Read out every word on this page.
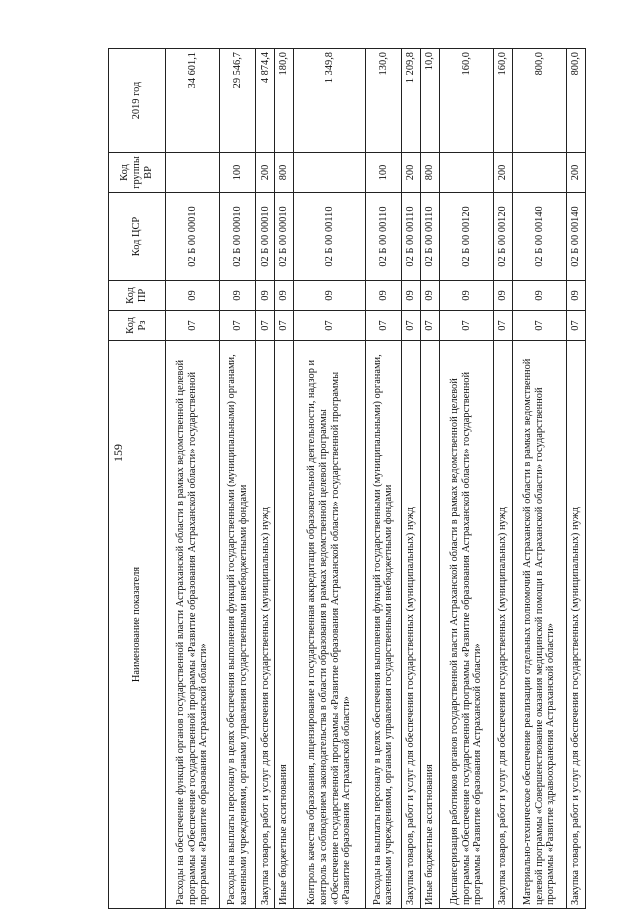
159
Наименование показателя	Код Рз	Код ПР	Код ЦСР	Код группы ВР	2019 год
Расходы на обеспечение функций органов государственной власти Астраханской области в рамках ведомственной целевой программы «Обеспечение государственной программы «Развитие образования Астраханской области» государственной программы «Развитие образования Астраханской области»	07	09	02 Б 00 00010		34 601,1
Расходы на выплаты персоналу в целях обеспечения выполнения функций государственными (муниципальными) органами, казенными учреждениями, органами управления государственными внебюджетными фондами	07	09	02 Б 00 00010	100	29 546,7
Закупка товаров, работ и услуг для обеспечения государственных (муниципальных) нужд	07	09	02 Б 00 00010	200	4 874,4
Иные бюджетные ассигнования	07	09	02 Б 00 00010	800	180,0
Контроль качества образования, лицензирование и государственная аккредитация образовательной деятельности, надзор и контроль за соблюдением законодательства в области образования в рамках ведомственной целевой программы «Обеспечение государственной программы «Развитие образования Астраханской области» государственной программы «Развитие образования Астраханской области»	07	09	02 Б 00 00110		1 349,8
Расходы на выплаты персоналу в целях обеспечения выполнения функций государственными (муниципальными) органами, казенными учреждениями, органами управления государственными внебюджетными фондами	07	09	02 Б 00 00110	100	130,0
Закупка товаров, работ и услуг для обеспечения государственных (муниципальных) нужд	07	09	02 Б 00 00110	200	1 209,8
Иные бюджетные ассигнования	07	09	02 Б 00 00110	800	10,0
Диспансеризация работников органов государственной власти Астраханской области в рамках ведомственной целевой программы «Обеспечение государственной программы «Развитие образования Астраханской области» государственной программы «Развитие образования Астраханской области»	07	09	02 Б 00 00120		160,0
Закупка товаров, работ и услуг для обеспечения государственных (муниципальных) нужд	07	09	02 Б 00 00120	200	160,0
Материально-техническое обеспечение реализации отдельных полномочий Астраханской области в рамках ведомственной целевой программы «Совершенствование оказания медицинской помощи в Астраханской области» государственной программы «Развитие здравоохранения Астраханской области»	07	09	02 Б 00 00140		800,0
Закупка товаров, работ и услуг для обеспечения государственных (муниципальных) нужд	07	09	02 Б 00 00140	200	800,0
